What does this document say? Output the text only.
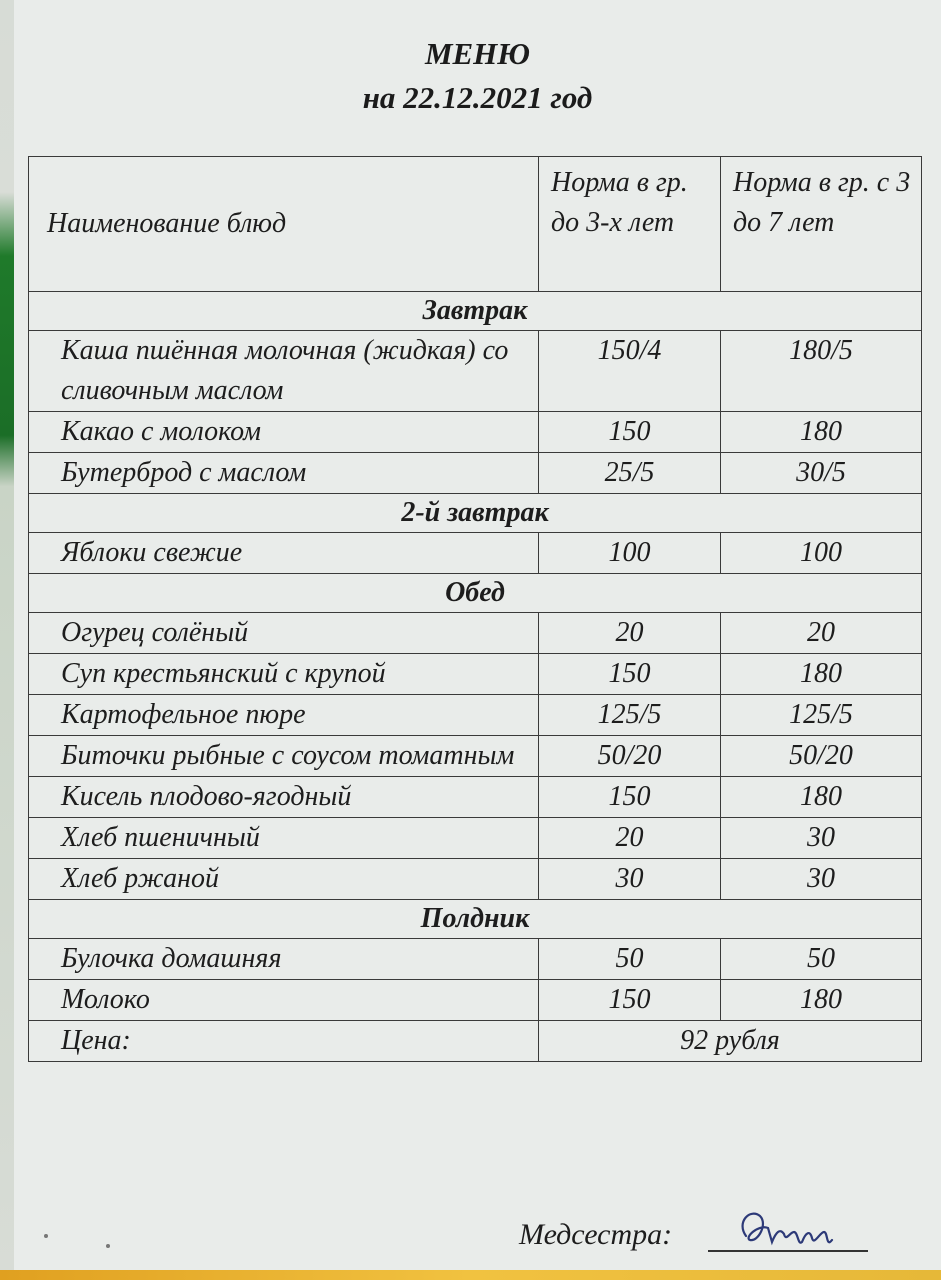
МЕНЮ
на 22.12.2021 год
Наименование блюд	Норма в гр. до 3-х лет	Норма в гр. с 3 до 7 лет
Завтрак		
Каша пшённая молочная (жидкая) со сливочным маслом	150/4	180/5
Какао с молоком	150	180
Бутерброд с маслом	25/5	30/5
2-й завтрак		
Яблоки свежие	100	100
Обед		
Огурец солёный	20	20
Суп крестьянский с крупой	150	180
Картофельное пюре	125/5	125/5
Биточки рыбные с соусом томатным	50/20	50/20
Кисель плодово-ягодный	150	180
Хлеб пшеничный	20	30
Хлеб ржаной	30	30
Полдник		
Булочка домашняя	50	50
Молоко	150	180
Цена:	92 рубля	
Медсестра:
